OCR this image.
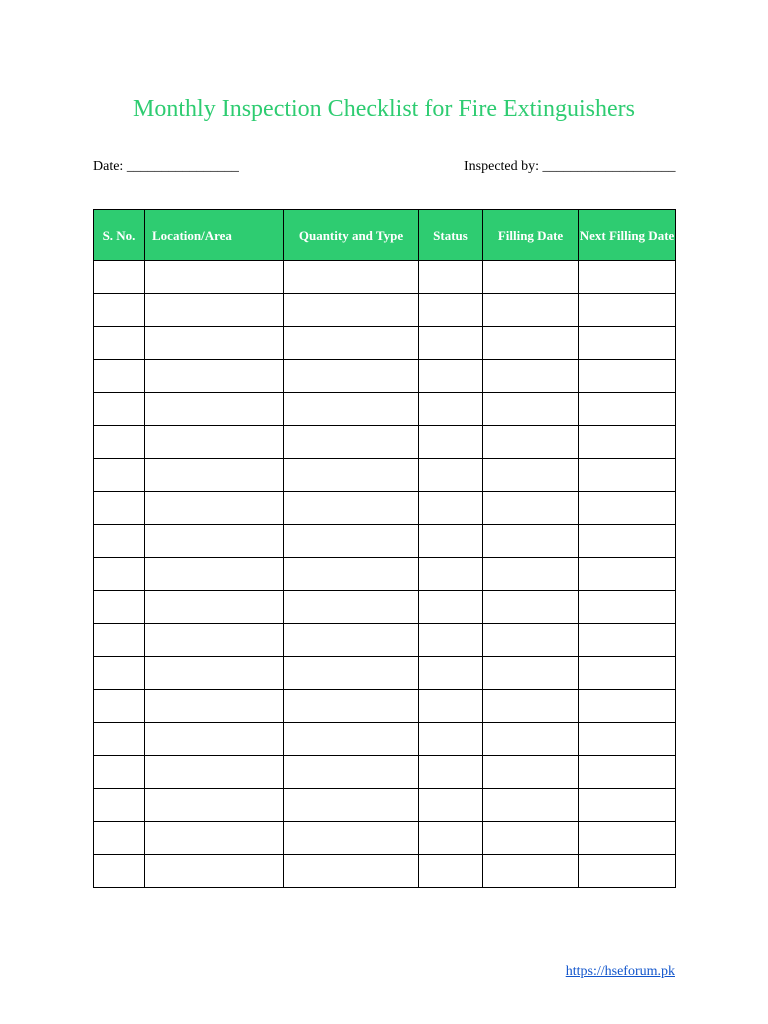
Monthly Inspection Checklist for Fire Extinguishers
Date: ________________	Inspected by: ___________________
S. No.	Location/Area	Quantity and Type	Status	Filling Date	Next Filling Date

https://hseforum.pk
